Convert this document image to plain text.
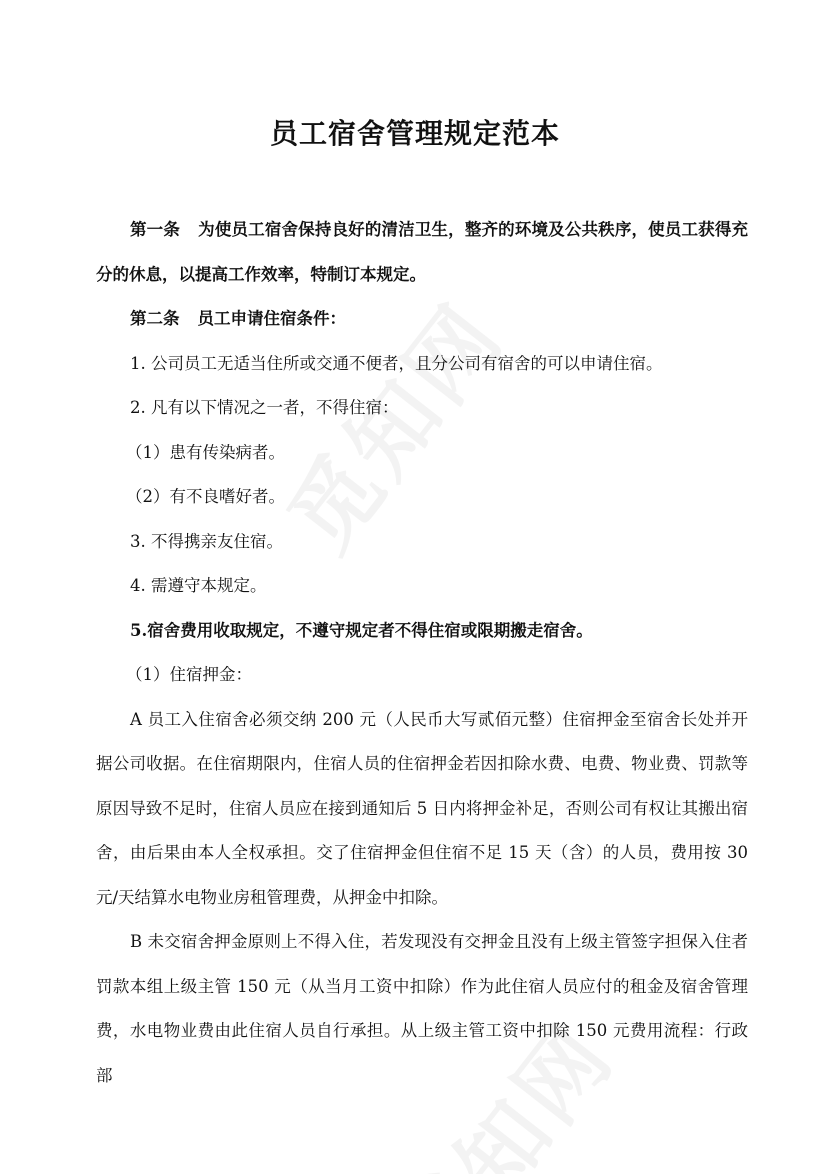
员工宿舍管理规定范本

第一条 为使员工宿舍保持良好的清洁卫生，整齐的环境及公共秩序，使员工获得充分的休息，以提高工作效率，特制订本规定。

第二条 员工申请住宿条件：

1. 公司员工无适当住所或交通不便者，且分公司有宿舍的可以申请住宿。

2. 凡有以下情况之一者，不得住宿：

（1）患有传染病者。

（2）有不良嗜好者。

3. 不得携亲友住宿。

4. 需遵守本规定。

5.宿舍费用收取规定，不遵守规定者不得住宿或限期搬走宿舍。

（1）住宿押金：

A 员工入住宿舍必须交纳 200 元（人民币大写贰佰元整）住宿押金至宿舍长处并开据公司收据。在住宿期限内，住宿人员的住宿押金若因扣除水费、电费、物业费、罚款等原因导致不足时，住宿人员应在接到通知后 5 日内将押金补足，否则公司有权让其搬出宿舍，由后果由本人全权承担。交了住宿押金但住宿不足 15 天（含）的人员，费用按 30 元/天结算水电物业房租管理费，从押金中扣除。

B 未交宿舍押金原则上不得入住，若发现没有交押金且没有上级主管签字担保入住者罚款本组上级主管 150 元（从当月工资中扣除）作为此住宿人员应付的租金及宿舍管理费，水电物业费由此住宿人员自行承担。从上级主管工资中扣除 150 元费用流程：行政部
